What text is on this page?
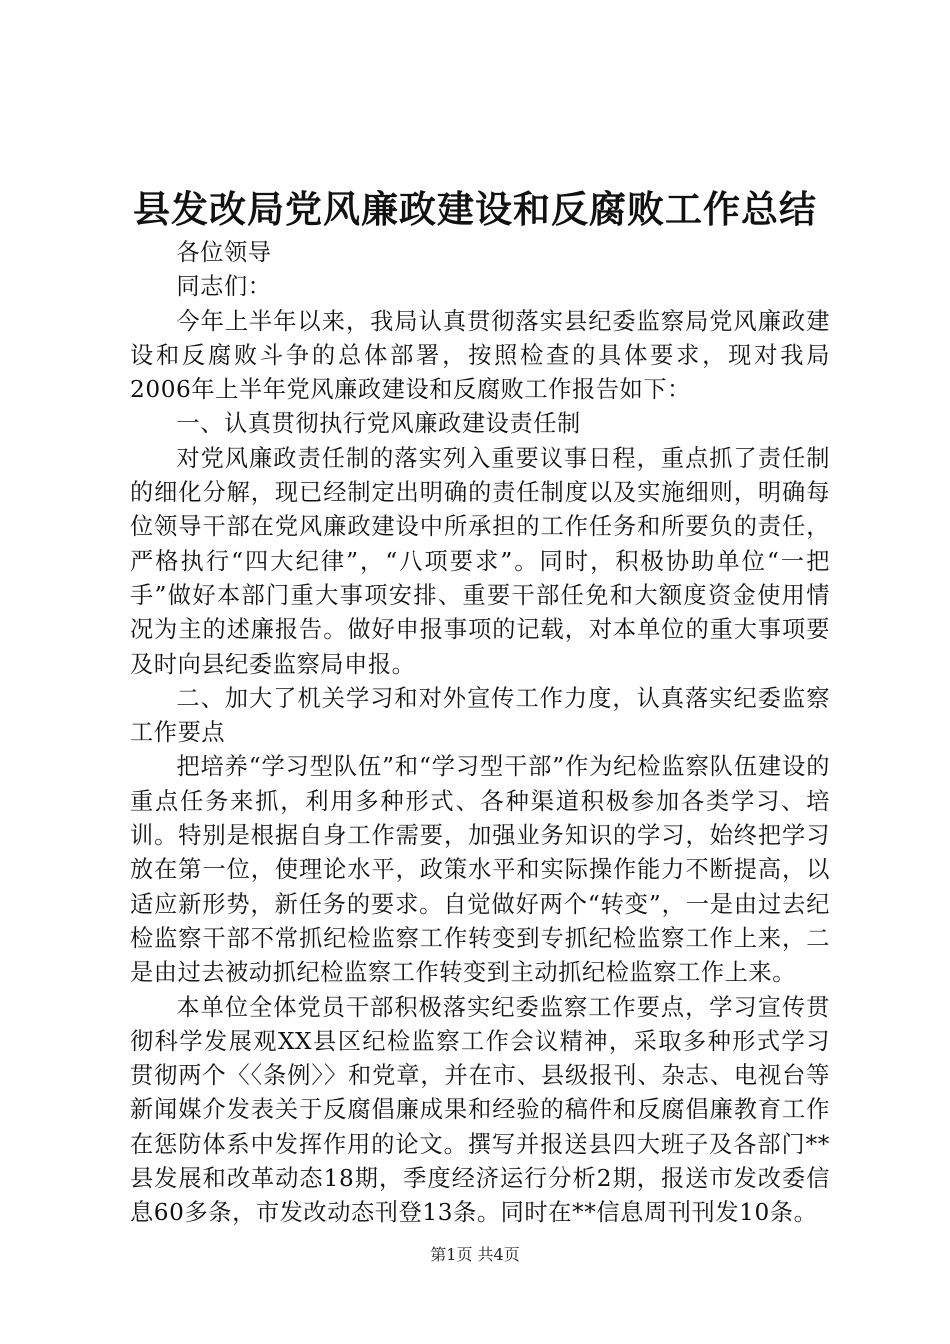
县发改局党风廉政建设和反腐败工作总结

各位领导

同志们：

今年上半年以来，我局认真贯彻落实县纪委监察局党风廉政建设和反腐败斗争的总体部署，按照检查的具体要求，现对我局2006年上半年党风廉政建设和反腐败工作报告如下：

一、认真贯彻执行党风廉政建设责任制

对党风廉政责任制的落实列入重要议事日程，重点抓了责任制的细化分解，现已经制定出明确的责任制度以及实施细则，明确每位领导干部在党风廉政建设中所承担的工作任务和所要负的责任，严格执行“四大纪律”，“八项要求”。同时，积极协助单位“一把手”做好本部门重大事项安排、重要干部任免和大额度资金使用情况为主的述廉报告。做好申报事项的记载，对本单位的重大事项要及时向县纪委监察局申报。

二、加大了机关学习和对外宣传工作力度，认真落实纪委监察工作要点

把培养“学习型队伍”和“学习型干部”作为纪检监察队伍建设的重点任务来抓，利用多种形式、各种渠道积极参加各类学习、培训。特别是根据自身工作需要，加强业务知识的学习，始终把学习放在第一位，使理论水平，政策水平和实际操作能力不断提高，以适应新形势，新任务的要求。自觉做好两个“转变”，一是由过去纪检监察干部不常抓纪检监察工作转变到专抓纪检监察工作上来，二是由过去被动抓纪检监察工作转变到主动抓纪检监察工作上来。

本单位全体党员干部积极落实纪委监察工作要点，学习宣传贯彻科学发展观XX县区纪检监察工作会议精神，采取多种形式学习贯彻两个〈〈条例〉〉和党章，并在市、县级报刊、杂志、电视台等新闻媒介发表关于反腐倡廉成果和经验的稿件和反腐倡廉教育工作在惩防体系中发挥作用的论文。撰写并报送县四大班子及各部门**县发展和改革动态18期，季度经济运行分析2期，报送市发改委信息60多条，市发改动态刊登13条。同时在**信息周刊刊发10条。

第1页 共4页
